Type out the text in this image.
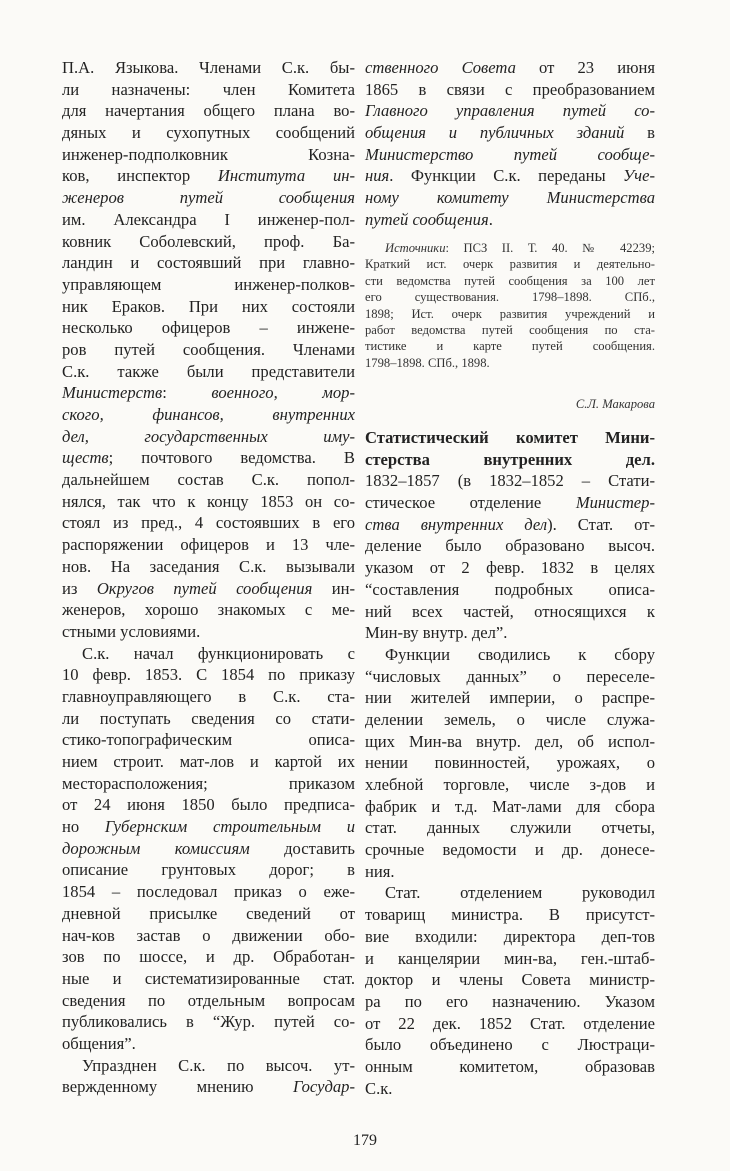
П.А. Языкова. Членами С.к. бы-
ли назначены: член Комитета
для начертания общего плана во-
дяных и сухопутных сообщений
инженер-подполковник Козна-
ков, инспектор Института ин-
женеров путей сообщения
им. Александра I инженер-пол-
ковник Соболевский, проф. Ба-
ландин и состоявший при главно-
управляющем инженер-полков-
ник Ераков. При них состояли
несколько офицеров – инжене-
ров путей сообщения. Членами
С.к. также были представители
Министерств: военного, мор-
ского, финансов, внутренних
дел, государственных иму-
ществ; почтового ведомства. В
дальнейшем состав С.к. попол-
нялся, так что к концу 1853 он со-
стоял из пред., 4 состоявших в его
распоряжении офицеров и 13 чле-
нов. На заседания С.к. вызывали
из Округов путей сообщения ин-
женеров, хорошо знакомых с ме-
стными условиями.
С.к. начал функционировать с
10 февр. 1853. С 1854 по приказу
главноуправляющего в С.к. ста-
ли поступать сведения со стати-
стико-топографическим описа-
нием строит. мат-лов и картой их
месторасположения; приказом
от 24 июня 1850 было предписа-
но Губернским строительным и
дорожным комиссиям доставить
описание грунтовых дорог; в
1854 – последовал приказ о еже-
дневной присылке сведений от
нач-ков застав о движении обо-
зов по шоссе, и др. Обработан-
ные и систематизированные стат.
сведения по отдельным вопросам
публиковались в “Жур. путей со-
общения”.
Упразднен С.к. по высоч. ут-
вержденному мнению Государ-
ственного Совета от 23 июня
1865 в связи с преобразованием
Главного управления путей со-
общения и публичных зданий в
Министерство путей сообще-
ния. Функции С.к. переданы Уче-
ному комитету Министерства
путей сообщения.
Источники: ПСЗ II. Т. 40. № 42239;
Краткий ист. очерк развития и деятельно-
сти ведомства путей сообщения за 100 лет
его существования. 1798–1898. СПб.,
1898; Ист. очерк развития учреждений и
работ ведомства путей сообщения по ста-
тистике и карте путей сообщения.
1798–1898. СПб., 1898.
С.Л. Макарова
Статистический комитет Мини-
стерства внутренних дел.
1832–1857 (в 1832–1852 – Стати-
стическое отделение Министер-
ства внутренних дел). Стат. от-
деление было образовано высоч.
указом от 2 февр. 1832 в целях
“составления подробных описа-
ний всех частей, относящихся к
Мин-ву внутр. дел”.
Функции сводились к сбору
“числовых данных” о переселе-
нии жителей империи, о распре-
делении земель, о числе служа-
щих Мин-ва внутр. дел, об испол-
нении повинностей, урожаях, о
хлебной торговле, числе з-дов и
фабрик и т.д. Мат-лами для сбора
стат. данных служили отчеты,
срочные ведомости и др. донесе-
ния.
Стат. отделением руководил
товарищ министра. В присутст-
вие входили: директора деп-тов
и канцелярии мин-ва, ген.-штаб-
доктор и члены Совета министр-
ра по его назначению. Указом
от 22 дек. 1852 Стат. отделение
было объединено с Люстраци-
онным комитетом, образовав
С.к.
179
